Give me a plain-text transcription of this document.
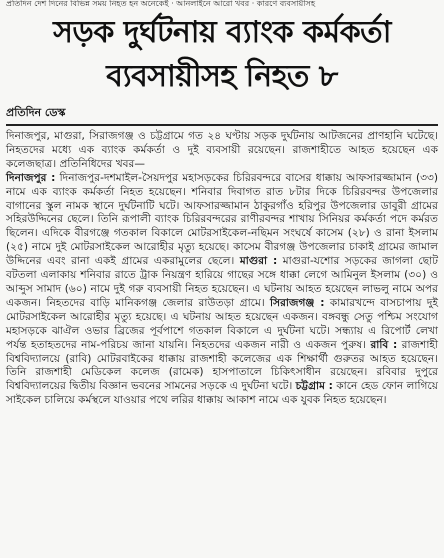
প্রতিদিন দেশ দিনের বিভিন্ন সময় নিহত হন অনেকেই · আনলাইনে আরো খবর · কারণে ব্যবসায়ীসহ
সড়ক দুর্ঘটনায় ব্যাংক কর্মকর্তা
ব্যবসায়ীসহ নিহত ৮
প্রতিদিন ডেস্ক

দিনাজপুর, মাগুরা, সিরাজগঞ্জ ও চট্টগ্রামে গত ২৪ ঘণ্টায় সড়ক দুর্ঘটনায় আটজনের প্রাণহানি ঘটেছে। নিহতদের মধ্যে এক ব্যাংক কর্মকর্তা ও দুই ব্যবসায়ী রয়েছেন। রাজশাহীতে আহত হয়েছেন এক কলেজছাত্র। প্রতিনিধিদের খবর—

দিনাজপুর : দিনাজপুর-দশমাইল-সৈয়দপুর মহাসড়কের চিরিরবন্দরে বাসের ধাক্কায় আফসারজ্জামান (৩৩) নামে এক ব্যাংক কর্মকর্তা নিহত হয়েছেন। শনিবার দিবাগত রাত ৮টার দিকে চিরিরবন্দর উপজেলার বাগানের স্কুল নামক স্থানে দুর্ঘটনাটি ঘটে। আফসারজ্জামান ঠাকুরগাঁও হরিপুর উপজেলার ডাবুরী গ্রামের সহিরউদ্দিনের ছেলে। তিনি রূপালী ব্যাংক চিরিরবন্দরের রাণীরবন্দর শাখায় সিনিয়র কর্মকর্তা পদে কর্মরত ছিলেন। এদিকে বীরগঞ্জে গতকাল বিকালে মোটরসাইকেল-নছিমন সংঘর্ষে কাসেম (২৮) ও রানা ইসলাম (২৫) নামে দুই মোটরসাইকেল আরোহীর মৃত্যু হয়েছে। কাসেম বীরগঞ্জ উপজেলার চাকাই গ্রামের জামাল উদ্দিনের এবং রানা একই গ্রামের একরামুলের ছেলে। মাগুরা : মাগুরা-যশোর সড়কের জাগলা ছোট বটতলা এলাকায় শনিবার রাতে ট্রাক নিয়ন্ত্রণ হারিয়ে গাছের সঙ্গে ধাক্কা লেগে আমিনুল ইসলাম (৩০) ও আব্দুস সামাদ (৬০) নামে দুই গরু ব্যবসায়ী নিহত হয়েছেন। এ ঘটনায় আহত হয়েছেন লাভলু নামে অপর একজন। নিহতদের বাড়ি মানিকগঞ্জ জেলার রাউতড়া গ্রামে। সিরাজগঞ্জ : কামারখন্দে বাসচাপায় দুই মোটরসাইকেল আরোহীর মৃত্যু হয়েছে। এ ঘটনায় আহত হয়েছেন একজন। বঙ্গবন্ধু সেতু পশ্চিম সংযোগ মহাসড়কে ঝাঐল ওভার ব্রিজের পূর্বপাশে গতকাল বিকালে এ দুর্ঘটনা ঘটে। সন্ধ্যায় এ রিপোর্ট লেখা পর্যন্ত হতাহতদের নাম-পরিচয় জানা যায়নি। নিহতদের একজন নারী ও একজন পুরুষ। রাবি : রাজশাহী বিশ্ববিদ্যালয়ে (রাবি) মোটরবাইকের ধাক্কায় রাজশাহী কলেজের এক শিক্ষার্থী গুরুতর আহত হয়েছেন। তিনি রাজশাহী মেডিকেল কলেজ (রামেক) হাসপাতালে চিকিৎসাধীন রয়েছেন। রবিবার দুপুরে বিশ্ববিদ্যালয়ের দ্বিতীয় বিজ্ঞান ভবনের সামনের সড়কে এ দুর্ঘটনা ঘটে। চট্টগ্রাম : কানে হেড ফোন লাগিয়ে সাইকেল চালিয়ে কর্মস্থলে যাওয়ার পথে লরির ধাক্কায় আকাশ নামে এক যুবক নিহত হয়েছেন।
